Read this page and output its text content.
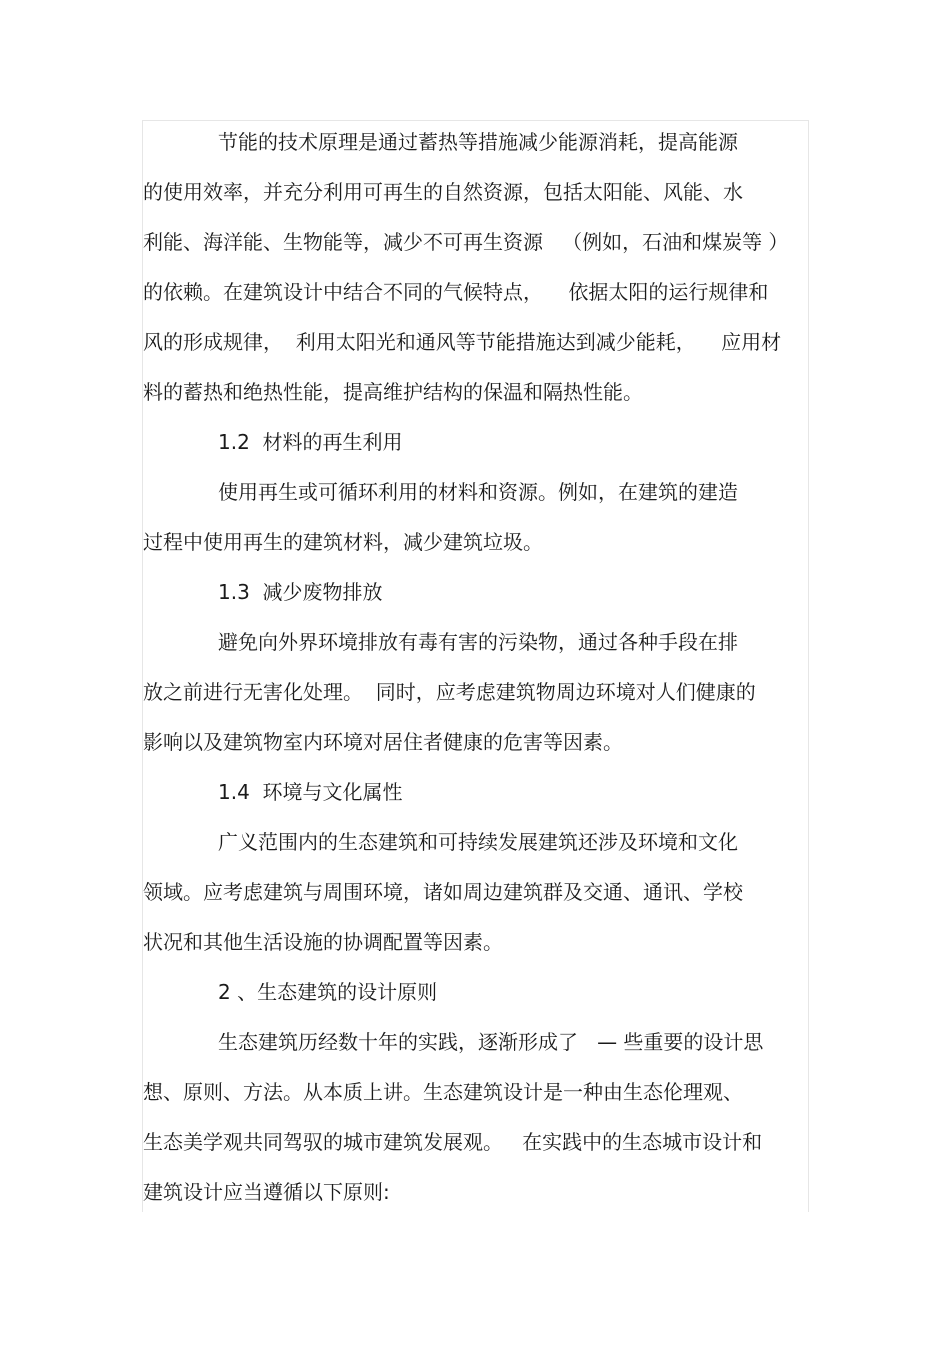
节能的技术原理是通过蓄热等措施减少能源消耗，提高能源
的使用效率，并充分利用可再生的自然资源，包括太阳能、风能、水
利能、海洋能、生物能等，减少不可再生资源   （例如，石油和煤炭等 ）
的依赖。在建筑设计中结合不同的气候特点，    依据太阳的运行规律和
风的形成规律，  利用太阳光和通风等节能措施达到减少能耗，    应用材
料的蓄热和绝热性能，提高维护结构的保温和隔热性能。
1.2  材料的再生利用
使用再生或可循环利用的材料和资源。例如，在建筑的建造
过程中使用再生的建筑材料，减少建筑垃圾。
1.3  减少废物排放
避免向外界环境排放有毒有害的污染物，通过各种手段在排
放之前进行无害化处理。  同时，应考虑建筑物周边环境对人们健康的
影响以及建筑物室内环境对居住者健康的危害等因素。
1.4  环境与文化属性
广义范围内的生态建筑和可持续发展建筑还涉及环境和文化
领域。应考虑建筑与周围环境，诸如周边建筑群及交通、通讯、学校
状况和其他生活设施的协调配置等因素。
2 、生态建筑的设计原则
生态建筑历经数十年的实践，逐渐形成了   — 些重要的设计思
想、原则、方法。从本质上讲。生态建筑设计是一种由生态伦理观、
生态美学观共同驾驭的城市建筑发展观。   在实践中的生态城市设计和
建筑设计应当遵循以下原则:
